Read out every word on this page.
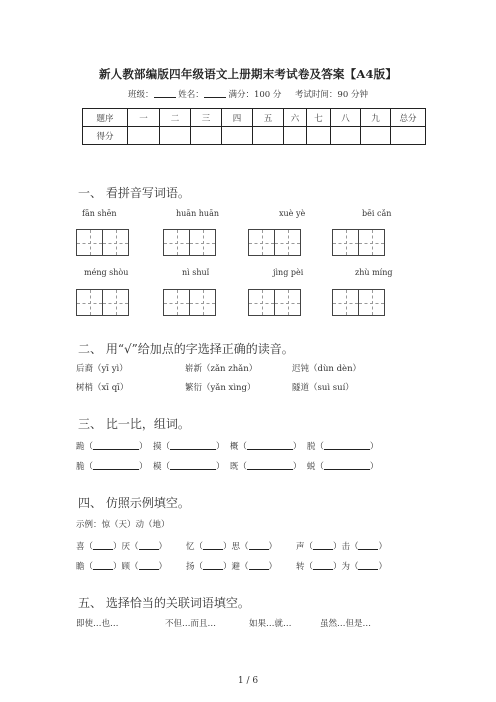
新人教部编版四年级语文上册期末考试卷及答案【A4版】
班级：	姓名：	满分：100 分 考试时间：90 分钟
题序	一	二	三	四	五	六	七	八	九	总分
得分										
一、 看拼音写词语。
fān shēn	huān huān	xuè yè	bēi cǎn
méng shòu	nì shuǐ	jìng pèi	zhù míng
二、 用“√”给加点的字选择正确的读音。
后裔（yī yì）	崭新（zǎn zhǎn）	迟钝（dùn dèn）
树梢（xī qī）	繁衍（yǎn xìng）	隧道（suì suí）
三、 比一比，组词。
跪（	） 摸（	） 概（	） 脱（	）
脆（	） 模（	） 既（	） 蜕（	）
四、 仿照示例填空。
示例：惊（天）动（地）
喜（ ）厌（ ） 忆（ ）思（ ） 声（ ）击（ ）
瞻（ ）顾（ ） 扬（ ）避（ ） 转（ ）为（ ）
五、 选择恰当的关联词语填空。
即使…也…	不但…而且…	如果…就…	虽然…但是…
1 / 6
